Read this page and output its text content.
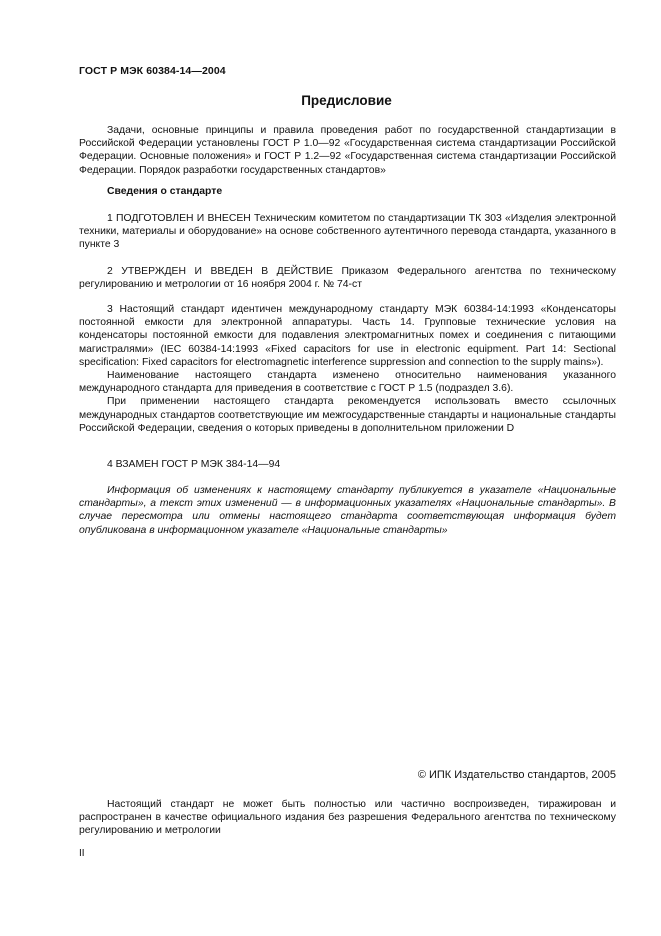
ГОСТ Р МЭК 60384-14—2004
Предисловие

Задачи, основные принципы и правила проведения работ по государственной стандартизации в Российской Федерации установлены ГОСТ Р 1.0—92 «Государственная система стандартизации Российской Федерации. Основные положения» и ГОСТ Р 1.2—92 «Государственная система стандартизации Российской Федерации. Порядок разработки государственных стандартов»

Сведения о стандарте

1 ПОДГОТОВЛЕН И ВНЕСЕН Техническим комитетом по стандартизации ТК 303 «Изделия электронной техники, материалы и оборудование» на основе собственного аутентичного перевода стандарта, указанного в пункте 3

2 УТВЕРЖДЕН И ВВЕДЕН В ДЕЙСТВИЕ Приказом Федерального агентства по техническому регулированию и метрологии от 16 ноября 2004 г. № 74-ст

3 Настоящий стандарт идентичен международному стандарту МЭК 60384-14:1993 «Конденсаторы постоянной емкости для электронной аппаратуры. Часть 14. Групповые технические условия на конденсаторы постоянной емкости для подавления электромагнитных помех и соединения с питающими магистралями» (IEC 60384-14:1993 «Fixed capacitors for use in electronic equipment. Part 14: Sectional specification: Fixed capacitors for electromagnetic interference suppression and connection to the supply mains»).

Наименование настоящего стандарта изменено относительно наименования указанного международного стандарта для приведения в соответствие с ГОСТ Р 1.5 (подраздел 3.6).

При применении настоящего стандарта рекомендуется использовать вместо ссылочных международных стандартов соответствующие им межгосударственные стандарты и национальные стандарты Российской Федерации, сведения о которых приведены в дополнительном приложении D

4 ВЗАМЕН ГОСТ Р МЭК 384-14—94

Информация об изменениях к настоящему стандарту публикуется в указателе «Национальные стандарты», а текст этих изменений — в информационных указателях «Национальные стандарты». В случае пересмотра или отмены настоящего стандарта соответствующая информация будет опубликована в информационном указателе «Национальные стандарты»

© ИПК Издательство стандартов, 2005

Настоящий стандарт не может быть полностью или частично воспроизведен, тиражирован и распространен в качестве официального издания без разрешения Федерального агентства по техническому регулированию и метрологии

II
